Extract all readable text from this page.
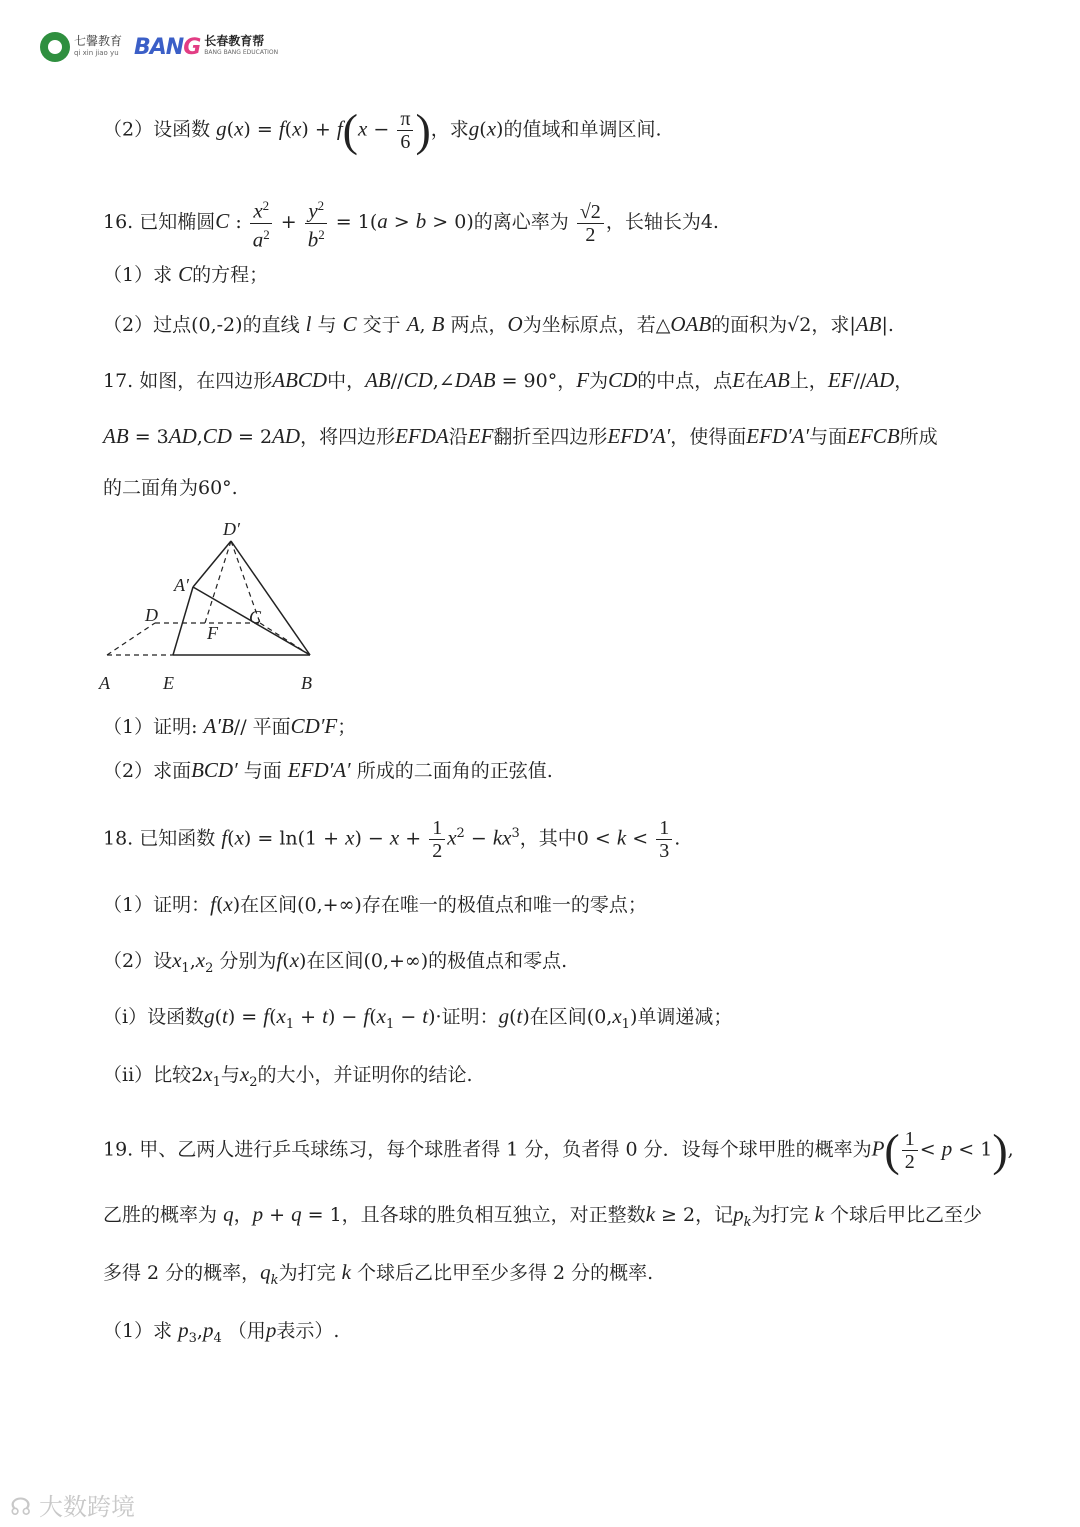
七馨教育
qi xin jiao yu BANG 长春教育帮
BANG BANG EDUCATION
（2）设函数 $g(x) = f(x) + f(x - \frac{\pi}{6}$ )，求g(x)的值域和单调区间.
16. 已知椭圆C : $\frac{x^2}{a^2} + \frac{y^2}{b^2} = 1(a > b > 0)$的离心率为 $\frac{√2}{2}$ ，长轴长为4.
（1）求 C的方程；
（2）过点(0,-2)的直线 l 与 C 交于 A, B 两点，O为坐标原点，若△OAB的面积为√2，求|AB|.
17. 如图，在四边形ABCD中，AB//CD,∠DAB = 90°，F为CD的中点，点E在AB上，EF//AD，
AB = 3AD,CD = 2AD，将四边形EFDA沿EF翻折至四边形EFD′A′，使得面EFD′A′与面EFCB所成
的二面角为60°.
D′
A′
D	C
F
A	E	B
（1）证明: A′B// 平面CD′F；
（2）求面BCD′ 与面 EFD′A′ 所成的二面角的正弦值.
18. 已知函数 $f(x) = \ln(1 + x) - x + \frac{1}{2} x^2 - kx^3$，其中$0 < k < \frac{1}{3}$ .
（1）证明：f(x)在区间(0,+∞)存在唯一的极值点和唯一的零点；
（2）设$x_1,x_2$ 分别为f(x)在区间(0,+∞)的极值点和零点.
（i）设函数$g(t) = f(x_1 + t) - f(x_1 - t)\cdot$证明：g(t)在区间$(0,x_1)$单调递减；
（ii）比较$2x_1$与$x_2$的大小，并证明你的结论.
19. 甲、乙两人进行乒乓球练习，每个球胜者得 1 分，负者得 0 分．设每个球甲胜的概率为$P( \frac{1}{2} < p < 1)$,
乙胜的概率为 q，p + q = 1，且各球的胜负相互独立，对正整数k ≥ 2，记$p_k$为打完 k 个球后甲比乙至少
多得 2 分的概率，$q_k$为打完 k 个球后乙比甲至少多得 2 分的概率.
（1）求 $p_3,p_4$ （用p表示）.
☊ 大数跨境
